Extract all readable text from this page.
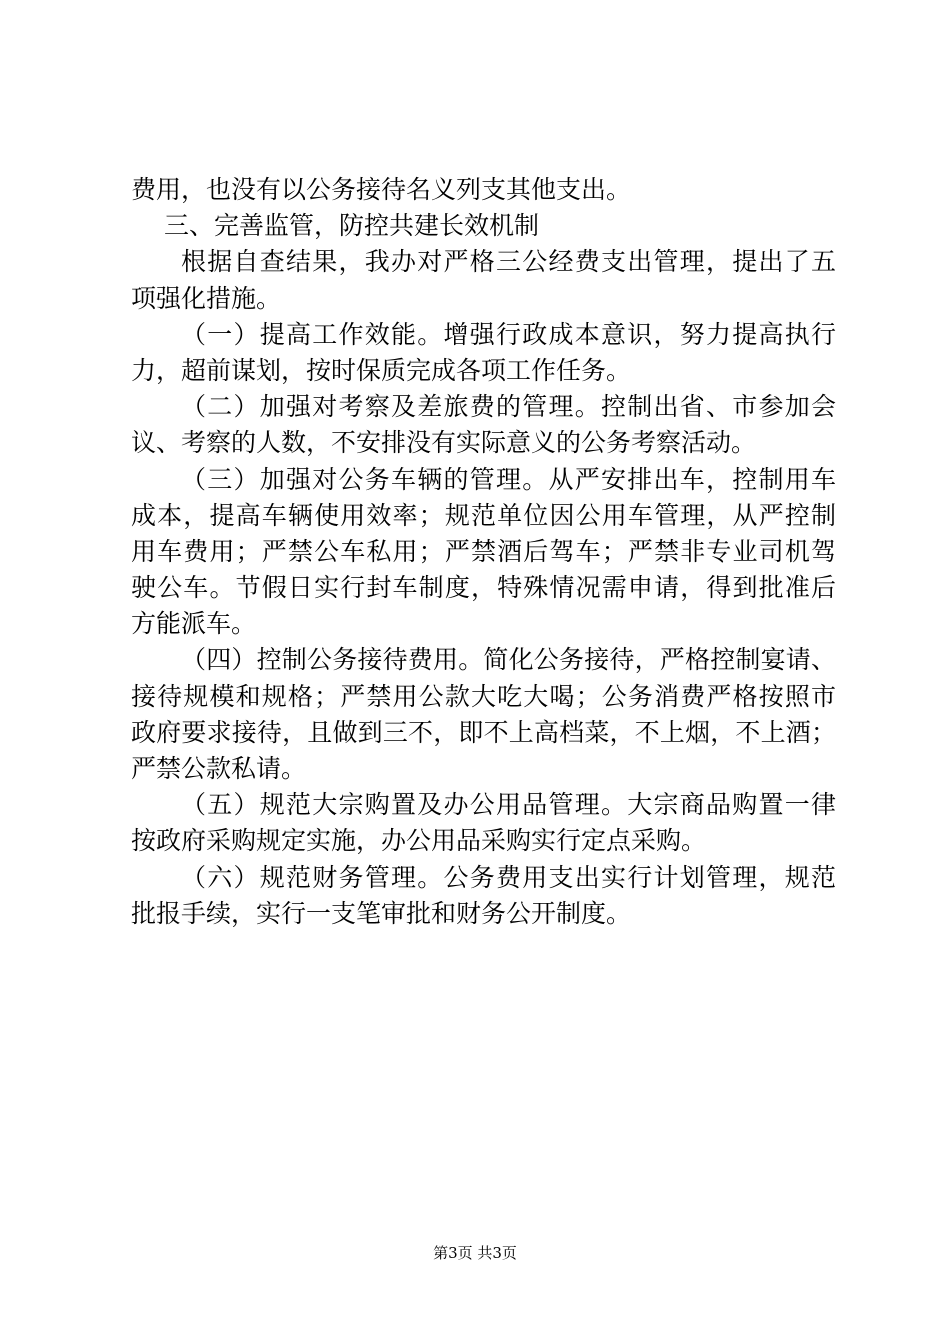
费用，也没有以公务接待名义列支其他支出。
三、完善监管，防控共建长效机制
根据自查结果，我办对严格三公经费支出管理，提出了五
项强化措施。
（一）提高工作效能。增强行政成本意识，努力提高执行
力，超前谋划，按时保质完成各项工作任务。
（二）加强对考察及差旅费的管理。控制出省、市参加会
议、考察的人数，不安排没有实际意义的公务考察活动。
（三）加强对公务车辆的管理。从严安排出车，控制用车
成本，提高车辆使用效率；规范单位因公用车管理，从严控制
用车费用；严禁公车私用；严禁酒后驾车；严禁非专业司机驾
驶公车。节假日实行封车制度，特殊情况需申请，得到批准后
方能派车。
（四）控制公务接待费用。简化公务接待，严格控制宴请、
接待规模和规格；严禁用公款大吃大喝；公务消费严格按照市
政府要求接待，且做到三不，即不上高档菜，不上烟，不上酒；
严禁公款私请。
（五）规范大宗购置及办公用品管理。大宗商品购置一律
按政府采购规定实施，办公用品采购实行定点采购。
（六）规范财务管理。公务费用支出实行计划管理，规范
批报手续，实行一支笔审批和财务公开制度。
第3页 共3页
